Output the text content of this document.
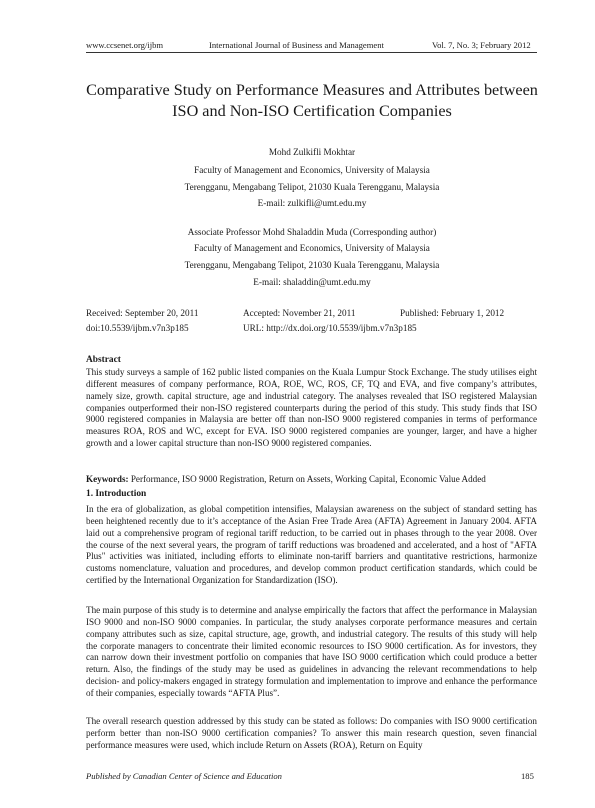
www.ccsenet.org/ijbm	International Journal of Business and Management	Vol. 7, No. 3; February 2012
Comparative Study on Performance Measures and Attributes between
ISO and Non-ISO Certification Companies
Mohd Zulkifli Mokhtar
Faculty of Management and Economics, University of Malaysia
Terengganu, Mengabang Telipot, 21030 Kuala Terengganu, Malaysia
E-mail: zulkifli@umt.edu.my
Associate Professor Mohd Shaladdin Muda (Corresponding author)
Faculty of Management and Economics, University of Malaysia
Terengganu, Mengabang Telipot, 21030 Kuala Terengganu, Malaysia
E-mail: shaladdin@umt.edu.my
Received: September 20, 2011	Accepted: November 21, 2011	Published: February 1, 2012
doi:10.5539/ijbm.v7n3p185	URL: http://dx.doi.org/10.5539/ijbm.v7n3p185
Abstract

This study surveys a sample of 162 public listed companies on the Kuala Lumpur Stock Exchange. The study utilises eight different measures of company performance, ROA, ROE, WC, ROS, CF, TQ and EVA, and five company’s attributes, namely size, growth. capital structure, age and industrial category. The analyses revealed that ISO registered Malaysian companies outperformed their non-ISO registered counterparts during the period of this study. This study finds that ISO 9000 registered companies in Malaysia are better off than non-ISO 9000 registered companies in terms of performance measures ROA, ROS and WC, except for EVA. ISO 9000 registered companies are younger, larger, and have a higher growth and a lower capital structure than non-ISO 9000 registered companies.

Keywords: Performance, ISO 9000 Registration, Return on Assets, Working Capital, Economic Value Added
1. Introduction

In the era of globalization, as global competition intensifies, Malaysian awareness on the subject of standard setting has been heightened recently due to it’s acceptance of the Asian Free Trade Area (AFTA) Agreement in January 2004. AFTA laid out a comprehensive program of regional tariff reduction, to be carried out in phases through to the year 2008. Over the course of the next several years, the program of tariff reductions was broadened and accelerated, and a host of "AFTA Plus" activities was initiated, including efforts to eliminate non-tariff barriers and quantitative restrictions, harmonize customs nomenclature, valuation and procedures, and develop common product certification standards, which could be certified by the International Organization for Standardization (ISO).

The main purpose of this study is to determine and analyse empirically the factors that affect the performance in Malaysian ISO 9000 and non-ISO 9000 companies. In particular, the study analyses corporate performance measures and certain company attributes such as size, capital structure, age, growth, and industrial category. The results of this study will help the corporate managers to concentrate their limited economic resources to ISO 9000 certification. As for investors, they can narrow down their investment portfolio on companies that have ISO 9000 certification which could produce a better return. Also, the findings of the study may be used as guidelines in advancing the relevant recommendations to help decision- and policy-makers engaged in strategy formulation and implementation to improve and enhance the performance of their companies, especially towards “AFTA Plus”.

The overall research question addressed by this study can be stated as follows: Do companies with ISO 9000 certification perform better than non-ISO 9000 certification companies? To answer this main research question, seven financial performance measures were used, which include Return on Assets (ROA), Return on Equity

Published by Canadian Center of Science and Education	185
